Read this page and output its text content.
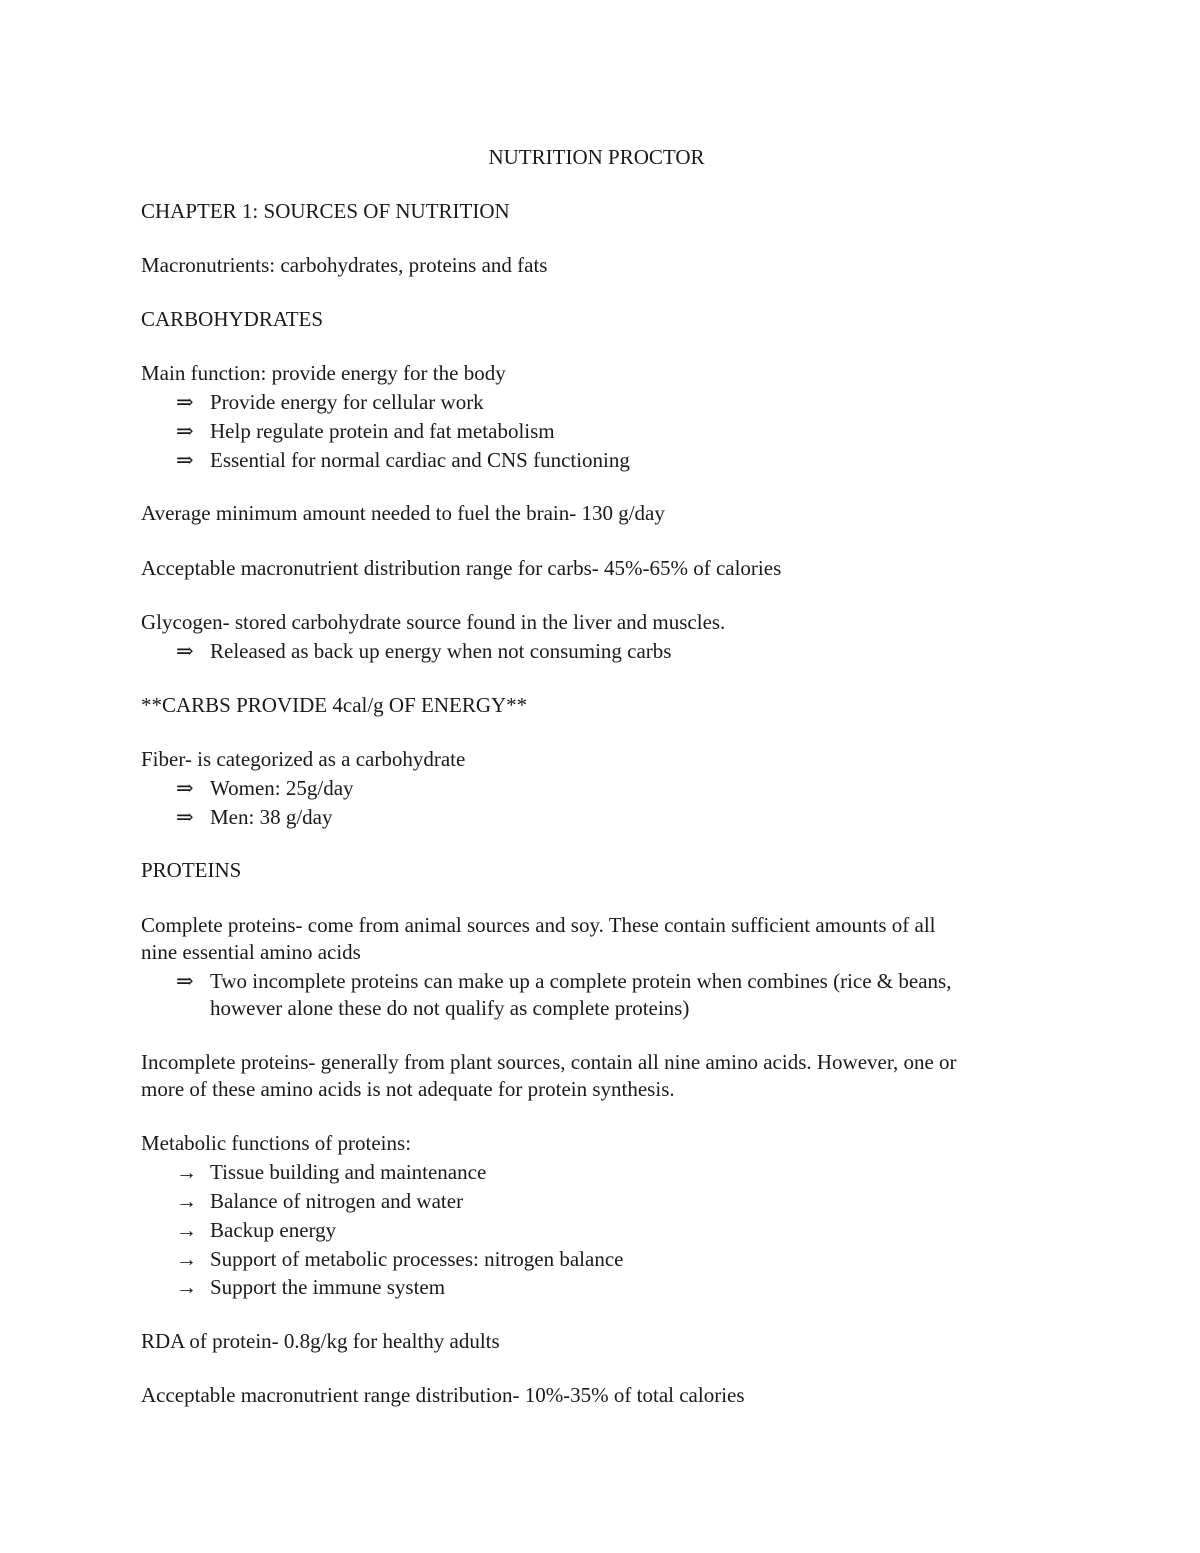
NUTRITION PROCTOR
CHAPTER 1: SOURCES OF NUTRITION
Macronutrients: carbohydrates, proteins and fats
CARBOHYDRATES
Main function: provide energy for the body
⇒ Provide energy for cellular work
⇒ Help regulate protein and fat metabolism
⇒ Essential for normal cardiac and CNS functioning
Average minimum amount needed to fuel the brain- 130 g/day
Acceptable macronutrient distribution range for carbs- 45%-65% of calories
Glycogen- stored carbohydrate source found in the liver and muscles.
⇒ Released as back up energy when not consuming carbs
**CARBS PROVIDE 4cal/g OF ENERGY**
Fiber- is categorized as a carbohydrate
⇒ Women: 25g/day
⇒ Men: 38 g/day
PROTEINS
Complete proteins- come from animal sources and soy. These contain sufficient amounts of all
nine essential amino acids
⇒ Two incomplete proteins can make up a complete protein when combines (rice & beans,
however alone these do not qualify as complete proteins)
Incomplete proteins- generally from plant sources, contain all nine amino acids. However, one or
more of these amino acids is not adequate for protein synthesis.
Metabolic functions of proteins:
→ Tissue building and maintenance
→ Balance of nitrogen and water
→ Backup energy
→ Support of metabolic processes: nitrogen balance
→ Support the immune system
RDA of protein- 0.8g/kg for healthy adults
Acceptable macronutrient range distribution- 10%-35% of total calories
